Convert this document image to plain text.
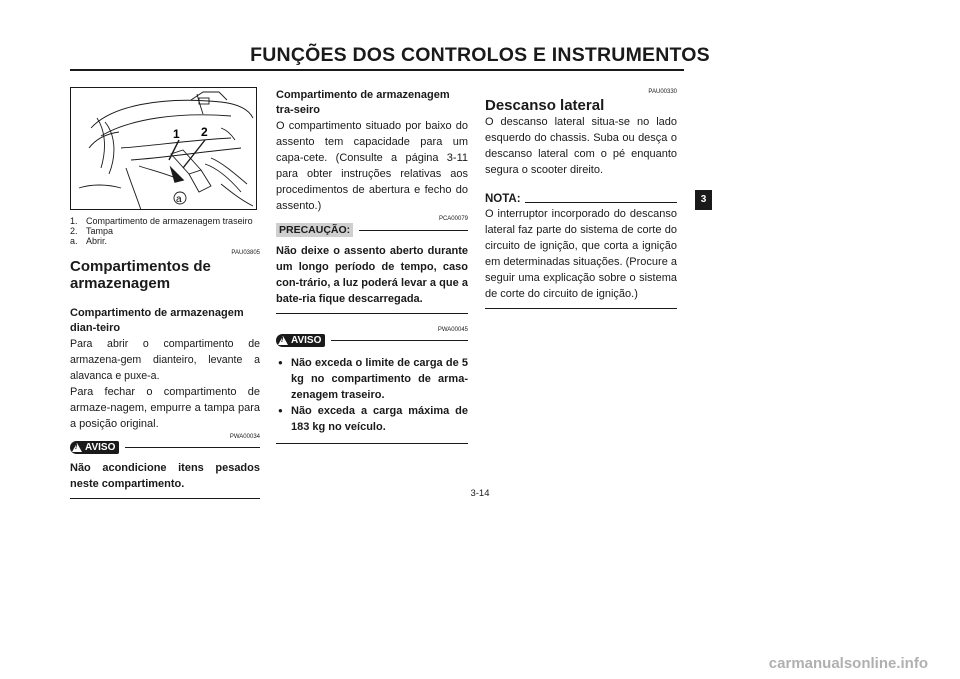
FUNÇÕES DOS CONTROLOS E INSTRUMENTOS
1 2
a
1. Compartimento de armazenagem traseiro
2. Tampa
a. Abrir.
PAU03805
Compartimentos de armazenagem
Compartimento de armazenagem dian-teiro

Para abrir o compartimento de armazena-gem dianteiro, levante a alavanca e puxe-a.

Para fechar o compartimento de armaze-nagem, empurre a tampa para a posição original.

PWA00034
!
AVISO

Não acondicione itens pesados neste compartimento.

Compartimento de armazenagem tra-seiro

O compartimento situado por baixo do assento tem capacidade para um capa-cete. (Consulte a página 3-11 para obter instruções relativas aos procedimentos de abertura e fecho do assento.)

PCA00079
PRECAUÇÃO:

Não deixe o assento aberto durante um longo período de tempo, caso con-trário, a luz poderá levar a que a bate-ria fique descarregada.

PWA00045
!
AVISO
● Não exceda o limite de carga de 5 kg no compartimento de arma-zenagem traseiro.
● Não exceda a carga máxima de 183 kg no veículo.
PAU00330
Descanso lateral

O descanso lateral situa-se no lado esquerdo do chassis. Suba ou desça o descanso lateral com o pé enquanto segura o scooter direito.

NOTA:

O interruptor incorporado do descanso lateral faz parte do sistema de corte do circuito de ignição, que corta a ignição em determinadas situações. (Procure a seguir uma explicação sobre o sistema de corte do circuito de ignição.)

3
3-14
carmanualsonline.info
